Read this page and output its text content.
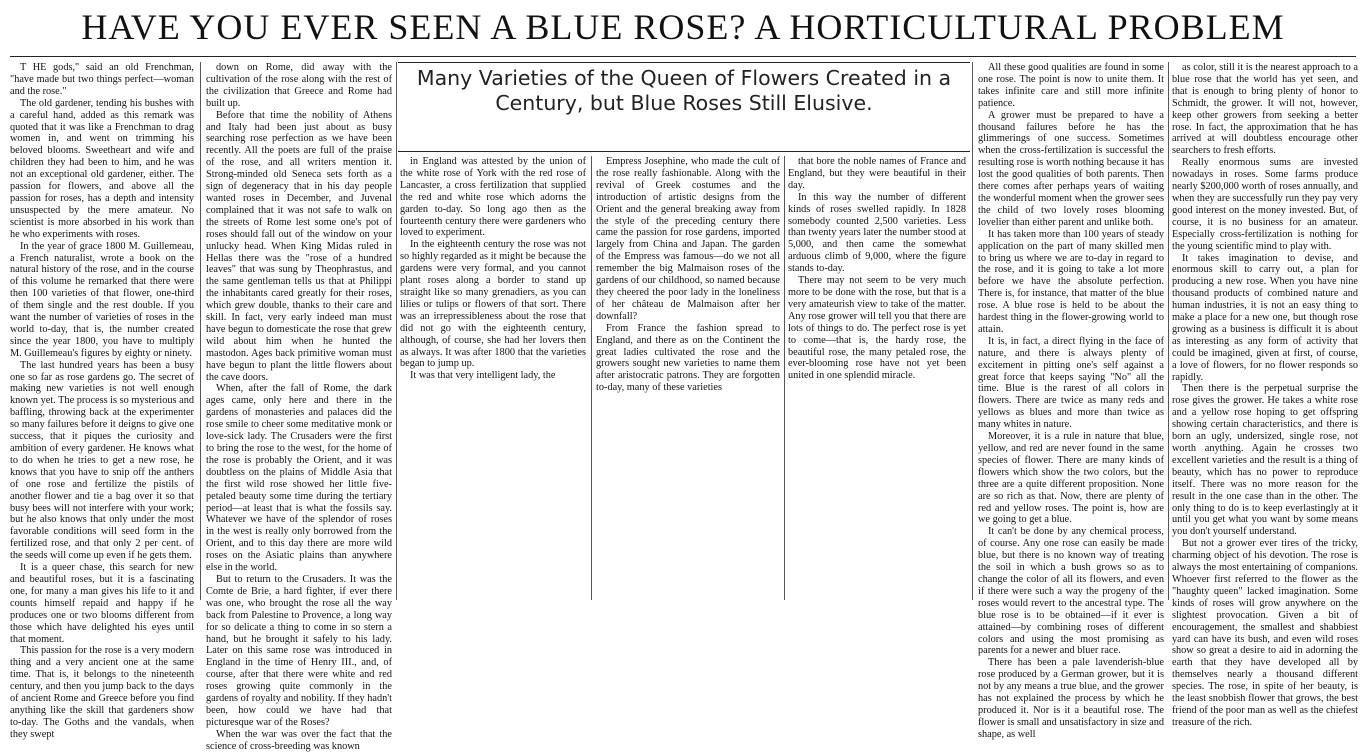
HAVE YOU EVER SEEN A BLUE ROSE? A HORTICULTURAL PROBLEM
Many Varieties of the Queen of Flowers Created in a
Century, but Blue Roses Still Elusive.

T HE gods," said an old Frenchman, "have made but two things perfect—woman and the rose."

The old gardener, tending his bushes with a careful hand, added as this remark was quoted that it was like a Frenchman to drag women in, and went on trimming his beloved blooms. Sweetheart and wife and children they had been to him, and he was not an exceptional old gardener, either. The passion for flowers, and above all the passion for roses, has a depth and intensity unsuspected by the mere amateur. No scientist is more absorbed in his work than he who experiments with roses.

In the year of grace 1800 M. Guillemeau, a French naturalist, wrote a book on the natural history of the rose, and in the course of this volume he remarked that there were then 100 varieties of that flower, one-third of them single and the rest double. If you want the number of varieties of roses in the world to-day, that is, the number created since the year 1800, you have to multiply M. Guillemeau's figures by eighty or ninety.

The last hundred years has been a busy one so far as rose gardens go. The secret of making new varieties is not well enough known yet. The process is so mysterious and baffling, throwing back at the experimenter so many failures before it deigns to give one success, that it piques the curiosity and ambition of every gardener. He knows what to do when he tries to get a new rose, he knows that you have to snip off the anthers of one rose and fertilize the pistils of another flower and tie a bag over it so that busy bees will not interfere with your work; but he also knows that only under the most favorable conditions will seed form in the fertilized rose, and that only 2 per cent. of the seeds will come up even if he gets them.

It is a queer chase, this search for new and beautiful roses, but it is a fascinating one, for many a man gives his life to it and counts himself repaid and happy if he produces one or two blooms different from those which have delighted his eyes until that moment.

This passion for the rose is a very modern thing and a very ancient one at the same time. That is, it belongs to the nineteenth century, and then you jump back to the days of ancient Rome and Greece before you find anything like the skill that gardeners show to-day. The Goths and the vandals, when they swept

down on Rome, did away with the cultivation of the rose along with the rest of the civilization that Greece and Rome had built up.

Before that time the nobility of Athens and Italy had been just about as busy searching rose perfection as we have been recently. All the poets are full of the praise of the rose, and all writers mention it. Strong-minded old Seneca sets forth as a sign of degeneracy that in his day people wanted roses in December, and Juvenal complained that it was not safe to walk on the streets of Rome lest some one's pot of roses should fall out of the window on your unlucky head. When King Midas ruled in Hellas there was the "rose of a hundred leaves" that was sung by Theophrastus, and the same gentleman tells us that at Philippi the inhabitants cared greatly for their roses, which grew double, thanks to their care and skill. In fact, very early indeed man must have begun to domesticate the rose that grew wild about him when he hunted the mastodon. Ages back primitive woman must have begun to plant the little flowers about the cave doors.

When, after the fall of Rome, the dark ages came, only here and there in the gardens of monasteries and palaces did the rose smile to cheer some meditative monk or love-sick lady. The Crusaders were the first to bring the rose to the west, for the home of the rose is probably the Orient, and it was doubtless on the plains of Middle Asia that the first wild rose showed her little five-petaled beauty some time during the tertiary period—at least that is what the fossils say. Whatever we have of the splendor of roses in the west is really only borrowed from the Orient, and to this day there are more wild roses on the Asiatic plains than anywhere else in the world.

But to return to the Crusaders. It was the Comte de Brie, a hard fighter, if ever there was one, who brought the rose all the way back from Palestine to Provence, a long way for so delicate a thing to come in so stern a hand, but he brought it safely to his lady. Later on this same rose was introduced in England in the time of Henry III., and, of course, after that there were white and red roses growing quite commonly in the gardens of royalty and nobility. If they hadn't been, how could we have had that picturesque war of the Roses?

When the war was over the fact that the science of cross-breeding was known

in England was attested by the union of the white rose of York with the red rose of Lancaster, a cross fertilization that supplied the red and white rose which adorns the garden to-day. So long ago then as the fourteenth century there were gardeners who loved to experiment.

In the eighteenth century the rose was not so highly regarded as it might be because the gardens were very formal, and you cannot plant roses along a border to stand up straight like so many grenadiers, as you can lilies or tulips or flowers of that sort. There was an irrepressibleness about the rose that did not go with the eighteenth century, although, of course, she had her lovers then as always. It was after 1800 that the varieties began to jump up.

It was that very intelligent lady, the

Empress Josephine, who made the cult of the rose really fashionable. Along with the revival of Greek costumes and the introduction of artistic designs from the Orient and the general breaking away from the style of the preceding century there came the passion for rose gardens, imported largely from China and Japan. The garden of the Empress was famous—do we not all remember the big Malmaison roses of the gardens of our childhood, so named because they cheered the poor lady in the loneliness of her château de Malmaison after her downfall?

From France the fashion spread to England, and there as on the Continent the great ladies cultivated the rose and the growers sought new varieties to name them after aristocratic patrons. They are forgotten to-day, many of these varieties

that bore the noble names of France and England, but they were beautiful in their day.

In this way the number of different kinds of roses swelled rapidly. In 1828 somebody counted 2,500 varieties. Less than twenty years later the number stood at 5,000, and then came the somewhat arduous climb of 9,000, where the figure stands to-day.

There may not seem to be very much more to be done with the rose, but that is a very amateurish view to take of the matter. Any rose grower will tell you that there are lots of things to do. The perfect rose is yet to come—that is, the hardy rose, the beautiful rose, the many petaled rose, the ever-blooming rose have not yet been united in one splendid miracle.

All these good qualities are found in some one rose. The point is now to unite them. It takes infinite care and still more infinite patience.

A grower must be prepared to have a thousand failures before he has the glimmerings of one success. Sometimes when the cross-fertilization is successful the resulting rose is worth nothing because it has lost the good qualities of both parents. Then there comes after perhaps years of waiting the wonderful moment when the grower sees the child of two lovely roses blooming lovelier than either parent and unlike both.

It has taken more than 100 years of steady application on the part of many skilled men to bring us where we are to-day in regard to the rose, and it is going to take a lot more before we have the absolute perfection. There is, for instance, that matter of the blue rose. A blue rose is held to be about the hardest thing in the flower-growing world to attain.

It is, in fact, a direct flying in the face of nature, and there is always plenty of excitement in pitting one's self against a great force that keeps saying "No" all the time. Blue is the rarest of all colors in flowers. There are twice as many reds and yellows as blues and more than twice as many whites in nature.

Moreover, it is a rule in nature that blue, yellow, and red are never found in the same species of flower. There are many kinds of flowers which show the two colors, but the three are a quite different proposition. None are so rich as that. Now, there are plenty of red and yellow roses. The point is, how are we going to get a blue.

It can't be done by any chemical process, of course. Any one rose can easily be made blue, but there is no known way of treating the soil in which a bush grows so as to change the color of all its flowers, and even if there were such a way the progeny of the roses would revert to the ancestral type. The blue rose is to be obtained—if it ever is attained—by combining roses of different colors and using the most promising as parents for a newer and bluer race.

There has been a pale lavenderish-blue rose produced by a German grower, but it is not by any means a true blue, and the grower has not explained the process by which he produced it. Nor is it a beautiful rose. The flower is small and unsatisfactory in size and shape, as well

as color, still it is the nearest approach to a blue rose that the world has yet seen, and that is enough to bring plenty of honor to Schmidt, the grower. It will not, however, keep other growers from seeking a better rose. In fact, the approximation that he has arrived at will doubtless encourage other searchers to fresh efforts.

Really enormous sums are invested nowadays in roses. Some farms produce nearly $200,000 worth of roses annually, and when they are successfully run they pay very good interest on the money invested. But, of course, it is no business for an amateur. Especially cross-fertilization is nothing for the young scientific mind to play with.

It takes imagination to devise, and enormous skill to carry out, a plan for producing a new rose. When you have nine thousand products of combined nature and human industries, it is not an easy thing to make a place for a new one, but though rose growing as a business is difficult it is about as interesting as any form of activity that could be imagined, given at first, of course, a love of flowers, for no flower responds so rapidly.

Then there is the perpetual surprise the rose gives the grower. He takes a white rose and a yellow rose hoping to get offspring showing certain characteristics, and there is born an ugly, undersized, single rose, not worth anything. Again he crosses two excellent varieties and the result is a thing of beauty, which has no power to reproduce itself. There was no more reason for the result in the one case than in the other. The only thing to do is to keep everlastingly at it until you get what you want by some means you don't yourself understand.

But not a grower ever tires of the tricky, charming object of his devotion. The rose is always the most entertaining of companions. Whoever first referred to the flower as the "haughty queen" lacked imagination. Some kinds of roses will grow anywhere on the slightest provocation. Given a bit of encouragement, the smallest and shabbiest yard can have its bush, and even wild roses show so great a desire to aid in adorning the earth that they have developed all by themselves nearly a thousand different species. The rose, in spite of her beauty, is the least snobbish flower that grows, the best friend of the poor man as well as the chiefest treasure of the rich.
